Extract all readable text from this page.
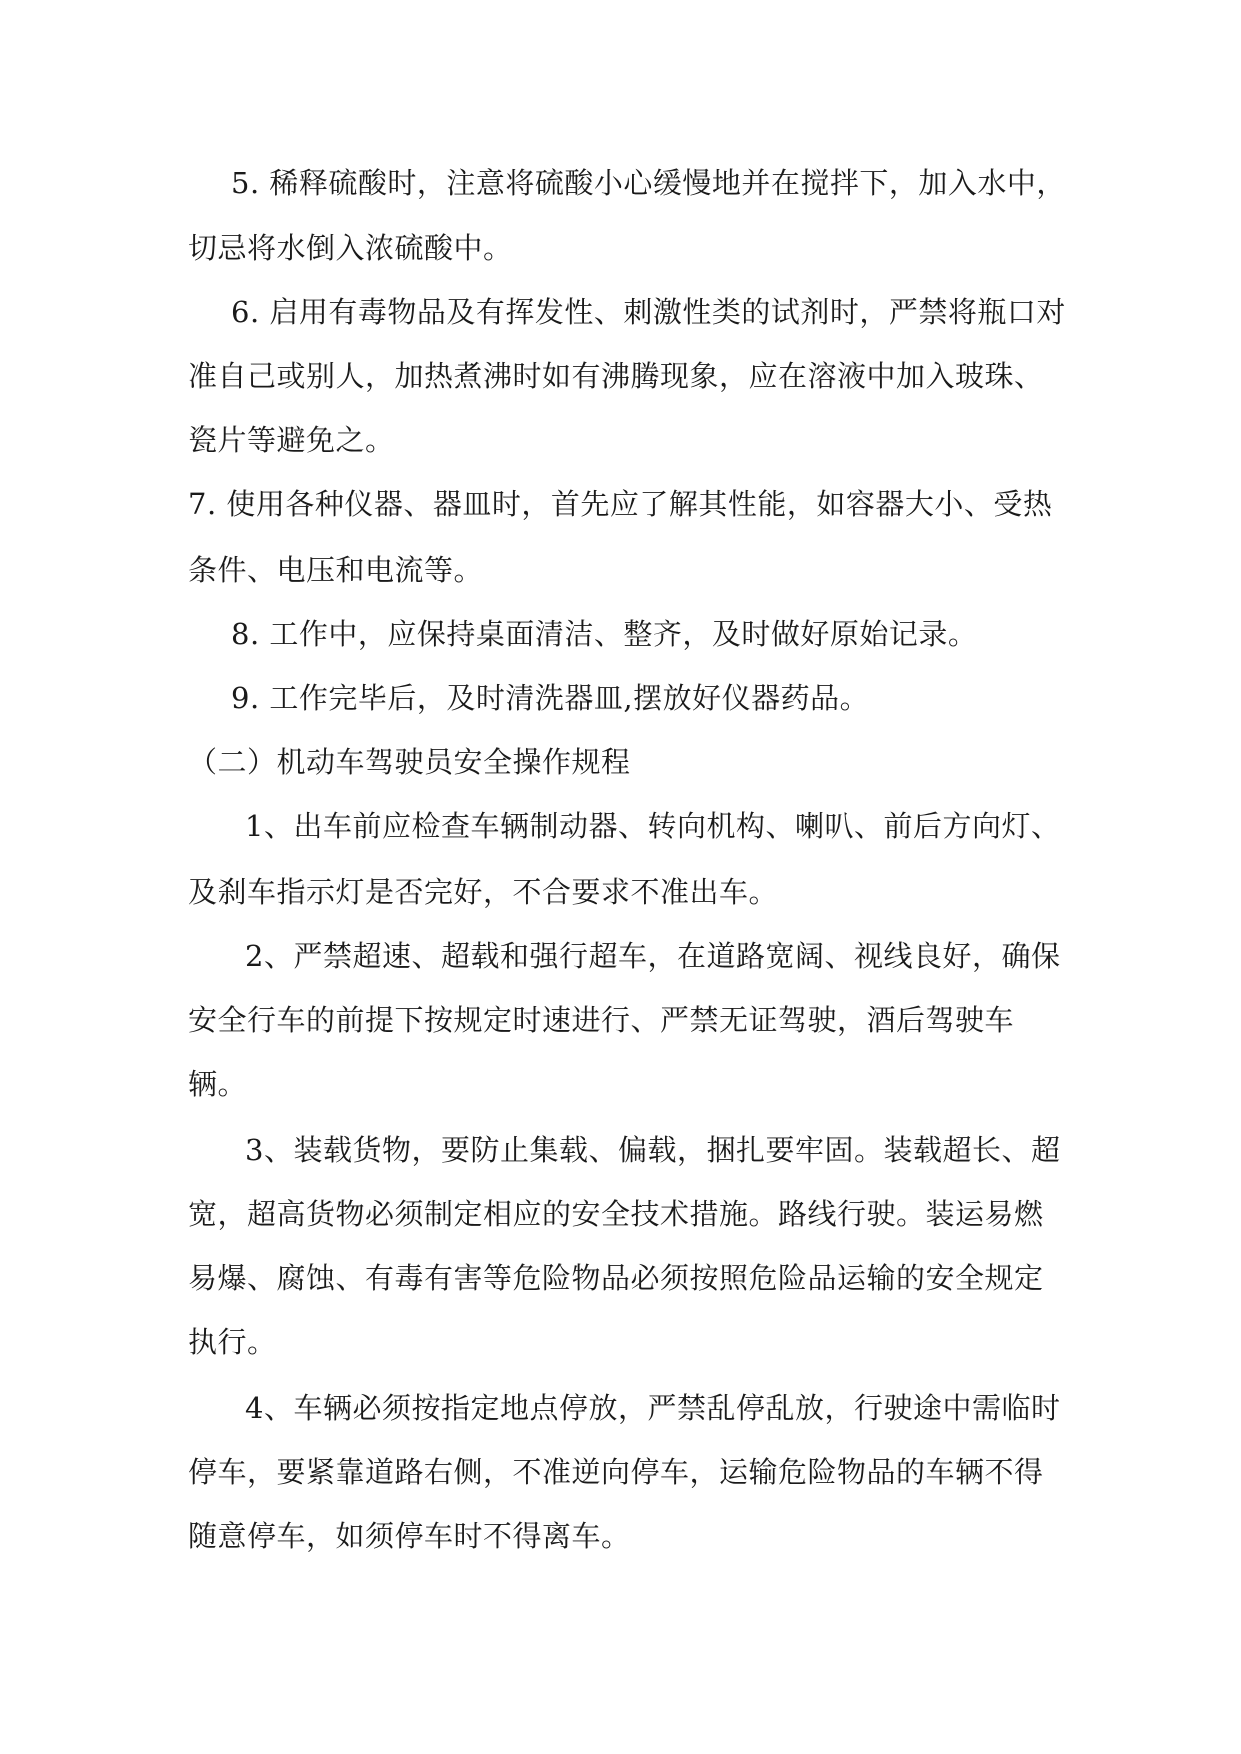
5. 稀释硫酸时，注意将硫酸小心缓慢地并在搅拌下，加入水中，
切忌将水倒入浓硫酸中。
6. 启用有毒物品及有挥发性、刺激性类的试剂时，严禁将瓶口对
准自己或别人，加热煮沸时如有沸腾现象，应在溶液中加入玻珠、
瓷片等避免之。
7. 使用各种仪器、器皿时，首先应了解其性能，如容器大小、受热
条件、电压和电流等。
8. 工作中，应保持桌面清洁、整齐，及时做好原始记录。
9. 工作完毕后，及时清洗器皿,摆放好仪器药品。
（二）机动车驾驶员安全操作规程
1、出车前应检查车辆制动器、转向机构、喇叭、前后方向灯、
及刹车指示灯是否完好，不合要求不准出车。
2、严禁超速、超载和强行超车，在道路宽阔、视线良好，确保
安全行车的前提下按规定时速进行、严禁无证驾驶，酒后驾驶车
辆。
3、装载货物，要防止集载、偏载，捆扎要牢固。装载超长、超
宽，超高货物必须制定相应的安全技术措施。路线行驶。装运易燃
易爆、腐蚀、有毒有害等危险物品必须按照危险品运输的安全规定
执行。
4、车辆必须按指定地点停放，严禁乱停乱放，行驶途中需临时
停车，要紧靠道路右侧，不准逆向停车，运输危险物品的车辆不得
随意停车，如须停车时不得离车。
